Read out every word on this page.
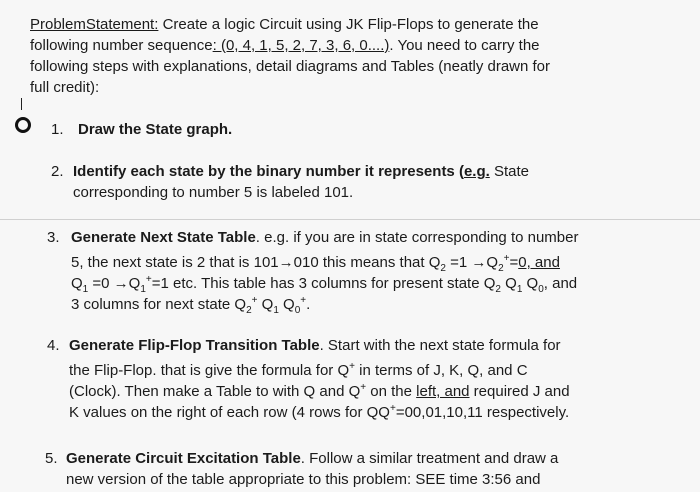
ProblemStatement: Create a logic Circuit using JK Flip-Flops to generate the
following number sequence: (0, 4, 1, 5, 2, 7, 3, 6, 0....). You need to carry the
following steps with explanations, detail diagrams and Tables (neatly drawn for
full credit):
1. Draw the State graph.
2. Identify each state by the binary number it represents (e.g. State
corresponding to number 5 is labeled 101.
3. Generate Next State Table. e.g. if you are in state corresponding to number
5, the next state is 2 that is 101→010 this means that $Q_2 =1 \to Q_2^+=0$, and
$Q_1 =0 \to Q_1^+=1$ etc. This table has 3 columns for present state $Q_2$ $Q_1$ $Q_0$, and
3 columns for next state $Q_2^+$ $Q_1$ $Q_0^+$.
4. Generate Flip-Flop Transition Table. Start with the next state formula for
the Flip-Flop. that is give the formula for Q+ in terms of J, K, Q, and C
(Clock). Then make a Table to with Q and Q+ on the left, and required J and
K values on the right of each row (4 rows for QQ+=00,01,10,11 respectively.
5. Generate Circuit Excitation Table. Follow a similar treatment and draw a
new version of the table appropriate to this problem: SEE time 3:56 and
